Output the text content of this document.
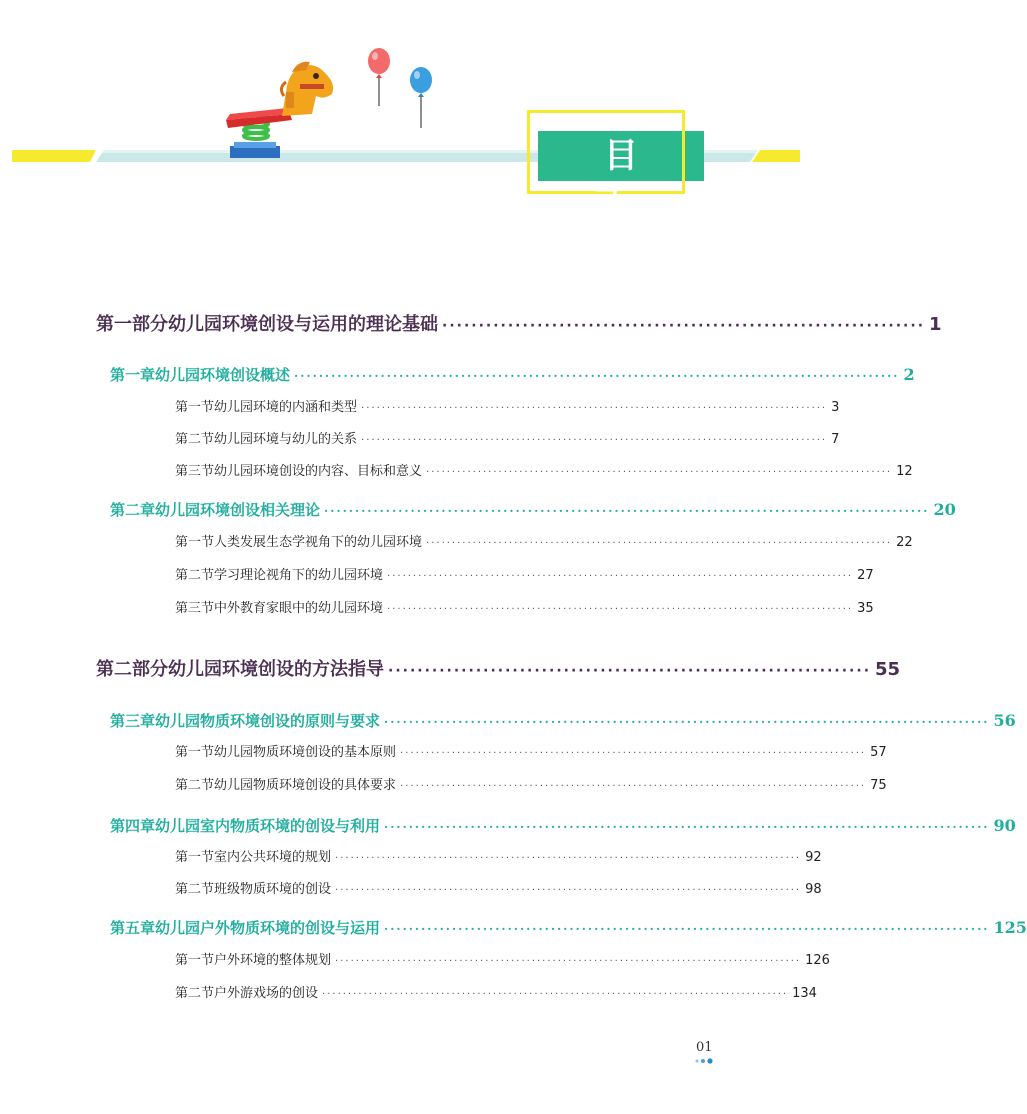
目 录
第一部分 幼儿园环境创设与运用的理论基础 ·································································· 1
第一章 幼儿园环境创设概述 ·································································································· 2
第一节 幼儿园环境的内涵和类型 ·························································································· 3
第二节 幼儿园环境与幼儿的关系 ·························································································· 7
第三节 幼儿园环境创设的内容、目标和意义 ·························································································· 12
第二章 幼儿园环境创设相关理论 ·································································································· 20
第一节 人类发展生态学视角下的幼儿园环境 ·························································································· 22
第二节 学习理论视角下的幼儿园环境 ·························································································· 27
第三节 中外教育家眼中的幼儿园环境 ·························································································· 35
第二部分 幼儿园环境创设的方法指导 ·································································· 55
第三章 幼儿园物质环境创设的原则与要求 ·································································································· 56
第一节 幼儿园物质环境创设的基本原则 ·························································································· 57
第二节 幼儿园物质环境创设的具体要求 ·························································································· 75
第四章 幼儿园室内物质环境的创设与利用 ·································································································· 90
第一节 室内公共环境的规划 ·························································································· 92
第二节 班级物质环境的创设 ·························································································· 98
第五章 幼儿园户外物质环境的创设与运用 ·································································································· 125
第一节 户外环境的整体规划 ·························································································· 126
第二节 户外游戏场的创设 ·························································································· 134
01
